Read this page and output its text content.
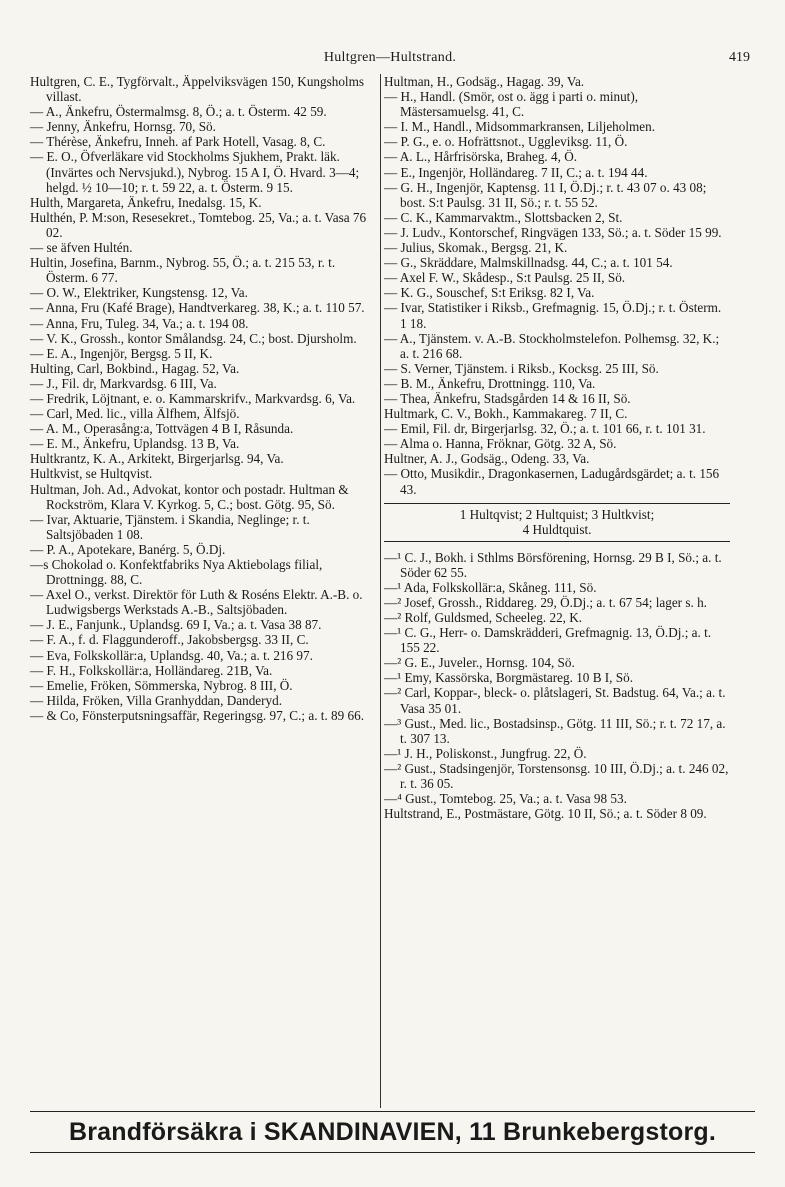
Hultgren—Hultstrand.	419

Hultgren, C. E., Tygförvalt., Äppelviksvägen 150, Kungsholms villast.

— A., Änkefru, Östermalmsg. 8, Ö.; a. t. Österm. 42 59.

— Jenny, Änkefru, Hornsg. 70, Sö.

— Thérèse, Änkefru, Inneh. af Park Hotell, Vasag. 8, C.

— E. O., Öfverläkare vid Stockholms Sjukhem, Prakt. läk. (Invärtes och Nervsjukd.), Nybrog. 15 A I, Ö. Hvard. 3—4; helgd. ½ 10—10; r. t. 59 22, a. t. Österm. 9 15.

Hulth, Margareta, Änkefru, Inedalsg. 15, K.

Hulthén, P. M:son, Resesekret., Tomtebog. 25, Va.; a. t. Vasa 76 02.

— se äfven Hultén.

Hultin, Josefina, Barnm., Nybrog. 55, Ö.; a. t. 215 53, r. t. Österm. 6 77.

— O. W., Elektriker, Kungstensg. 12, Va.

— Anna, Fru (Kafé Brage), Handtverkareg. 38, K.; a. t. 110 57.

— Anna, Fru, Tuleg. 34, Va.; a. t. 194 08.

— V. K., Grossh., kontor Smålandsg. 24, C.; bost. Djursholm.

— E. A., Ingenjör, Bergsg. 5 II, K.

Hulting, Carl, Bokbind., Hagag. 52, Va.

— J., Fil. dr, Markvardsg. 6 III, Va.

— Fredrik, Löjtnant, e. o. Kammarskrifv., Markvardsg. 6, Va.

— Carl, Med. lic., villa Älfhem, Älfsjö.

— A. M., Operasång:a, Tottvägen 4 B I, Råsunda.

— E. M., Änkefru, Uplandsg. 13 B, Va.

Hultkrantz, K. A., Arkitekt, Birgerjarlsg. 94, Va.

Hultkvist, se Hultqvist.

Hultman, Joh. Ad., Advokat, kontor och postadr. Hultman & Rockström, Klara V. Kyrkog. 5, C.; bost. Götg. 95, Sö.

— Ivar, Aktuarie, Tjänstem. i Skandia, Neglinge; r. t. Saltsjöbaden 1 08.

— P. A., Apotekare, Banérg. 5, Ö.Dj.

—s Chokolad o. Konfektfabriks Nya Aktiebolags filial, Drottningg. 88, C.

— Axel O., verkst. Direktör för Luth & Roséns Elektr. A.-B. o. Ludwigsbergs Werkstads A.-B., Saltsjöbaden.

— J. E., Fanjunk., Uplandsg. 69 I, Va.; a. t. Vasa 38 87.

— F. A., f. d. Flaggunderoff., Jakobsbergsg. 33 II, C.

— Eva, Folkskollär:a, Uplandsg. 40, Va.; a. t. 216 97.

— F. H., Folkskollär:a, Holländareg. 21B, Va.

— Emelie, Fröken, Sömmerska, Nybrog. 8 III, Ö.

— Hilda, Fröken, Villa Granhyddan, Danderyd.

— & Co, Fönsterputsningsaffär, Regeringsg. 97, C.; a. t. 89 66.

Hultman, H., Godsäg., Hagag. 39, Va.

— H., Handl. (Smör, ost o. ägg i parti o. minut), Mästersamuelsg. 41, C.

— I. M., Handl., Midsommarkransen, Liljeholmen.

— P. G., e. o. Hofrättsnot., Uggleviksg. 11, Ö.

— A. L., Hårfrisörska, Braheg. 4, Ö.

— E., Ingenjör, Holländareg. 7 II, C.; a. t. 194 44.

— G. H., Ingenjör, Kaptensg. 11 I, Ö.Dj.; r. t. 43 07 o. 43 08; bost. S:t Paulsg. 31 II, Sö.; r. t. 55 52.

— C. K., Kammarvaktm., Slottsbacken 2, St.

— J. Ludv., Kontorschef, Ringvägen 133, Sö.; a. t. Söder 15 99.

— Julius, Skomak., Bergsg. 21, K.

— G., Skräddare, Malmskillnadsg. 44, C.; a. t. 101 54.

— Axel F. W., Skådesp., S:t Paulsg. 25 II, Sö.

— K. G., Souschef, S:t Eriksg. 82 I, Va.

— Ivar, Statistiker i Riksb., Grefmagnig. 15, Ö.Dj.; r. t. Österm. 1 18.

— A., Tjänstem. v. A.-B. Stockholmstelefon. Polhemsg. 32, K.; a. t. 216 68.

— S. Verner, Tjänstem. i Riksb., Kocksg. 25 III, Sö.

— B. M., Änkefru, Drottningg. 110, Va.

— Thea, Änkefru, Stadsgården 14 & 16 II, Sö.

Hultmark, C. V., Bokh., Kammakareg. 7 II, C.

— Emil, Fil. dr, Birgerjarlsg. 32, Ö.; a. t. 101 66, r. t. 101 31.

— Alma o. Hanna, Fröknar, Götg. 32 A, Sö.

Hultner, A. J., Godsäg., Odeng. 33, Va.

— Otto, Musikdir., Dragonkasernen, Ladugårdsgärdet; a. t. 156 43.

1 Hultqvist; 2 Hultquist; 3 Hultkvist;
4 Huldtquist.

—¹ C. J., Bokh. i Sthlms Börsförening, Hornsg. 29 B I, Sö.; a. t. Söder 62 55.

—¹ Ada, Folkskollär:a, Skåneg. 111, Sö.

—² Josef, Grossh., Riddareg. 29, Ö.Dj.; a. t. 67 54; lager s. h.

—² Rolf, Guldsmed, Scheeleg. 22, K.

—¹ C. G., Herr- o. Damskrädderi, Grefmagnig. 13, Ö.Dj.; a. t. 155 22.

—² G. E., Juveler., Hornsg. 104, Sö.

—¹ Emy, Kassörska, Borgmästareg. 10 B I, Sö.

—² Carl, Koppar-, bleck- o. plåtslageri, St. Badstug. 64, Va.; a. t. Vasa 35 01.

—³ Gust., Med. lic., Bostadsinsp., Götg. 11 III, Sö.; r. t. 72 17, a. t. 307 13.

—¹ J. H., Poliskonst., Jungfrug. 22, Ö.

—² Gust., Stadsingenjör, Torstensonsg. 10 III, Ö.Dj.; a. t. 246 02, r. t. 36 05.

—⁴ Gust., Tomtebog. 25, Va.; a. t. Vasa 98 53.

Hultstrand, E., Postmästare, Götg. 10 II, Sö.; a. t. Söder 8 09.

Brandförsäkra i SKANDINAVIEN, 11 Brunkebergstorg.
